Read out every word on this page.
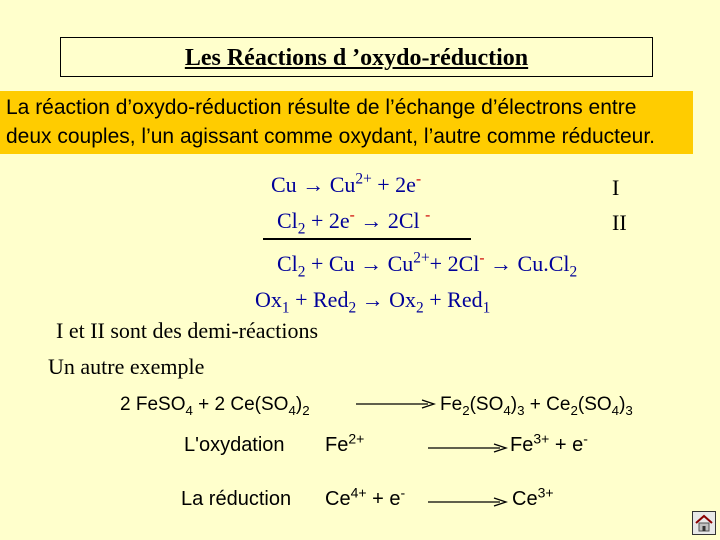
Les Réactions d ’oxydo-réduction
La réaction d’oxydo-réduction résulte de l’échange d’électrons entre deux couples, l’un agissant comme oxydant, l’autre comme réducteur.
$Cu \to Cu^{2+} + 2e^-$	I
$Cl_2 + 2e^- \to 2Cl$ -	II
$Cl_2 + Cu \to Cu^{2+}+ 2Cl^- \to Cu.Cl_2$
$Ox_1 + Red_2 \to Ox_2 + Red_1$
I et II sont des demi-réactions
Un autre exemple
2 FeSO$_4$ + 2 $Ce(SO_4)_2$	$Fe_2(SO_4)_3 + Ce_2(SO_4)_3$
L'oxydation $Fe^{2+}$	$Fe^{3+} + e^-$
La réduction $Ce^{4+} + e^-$	$Ce^{3+}$
